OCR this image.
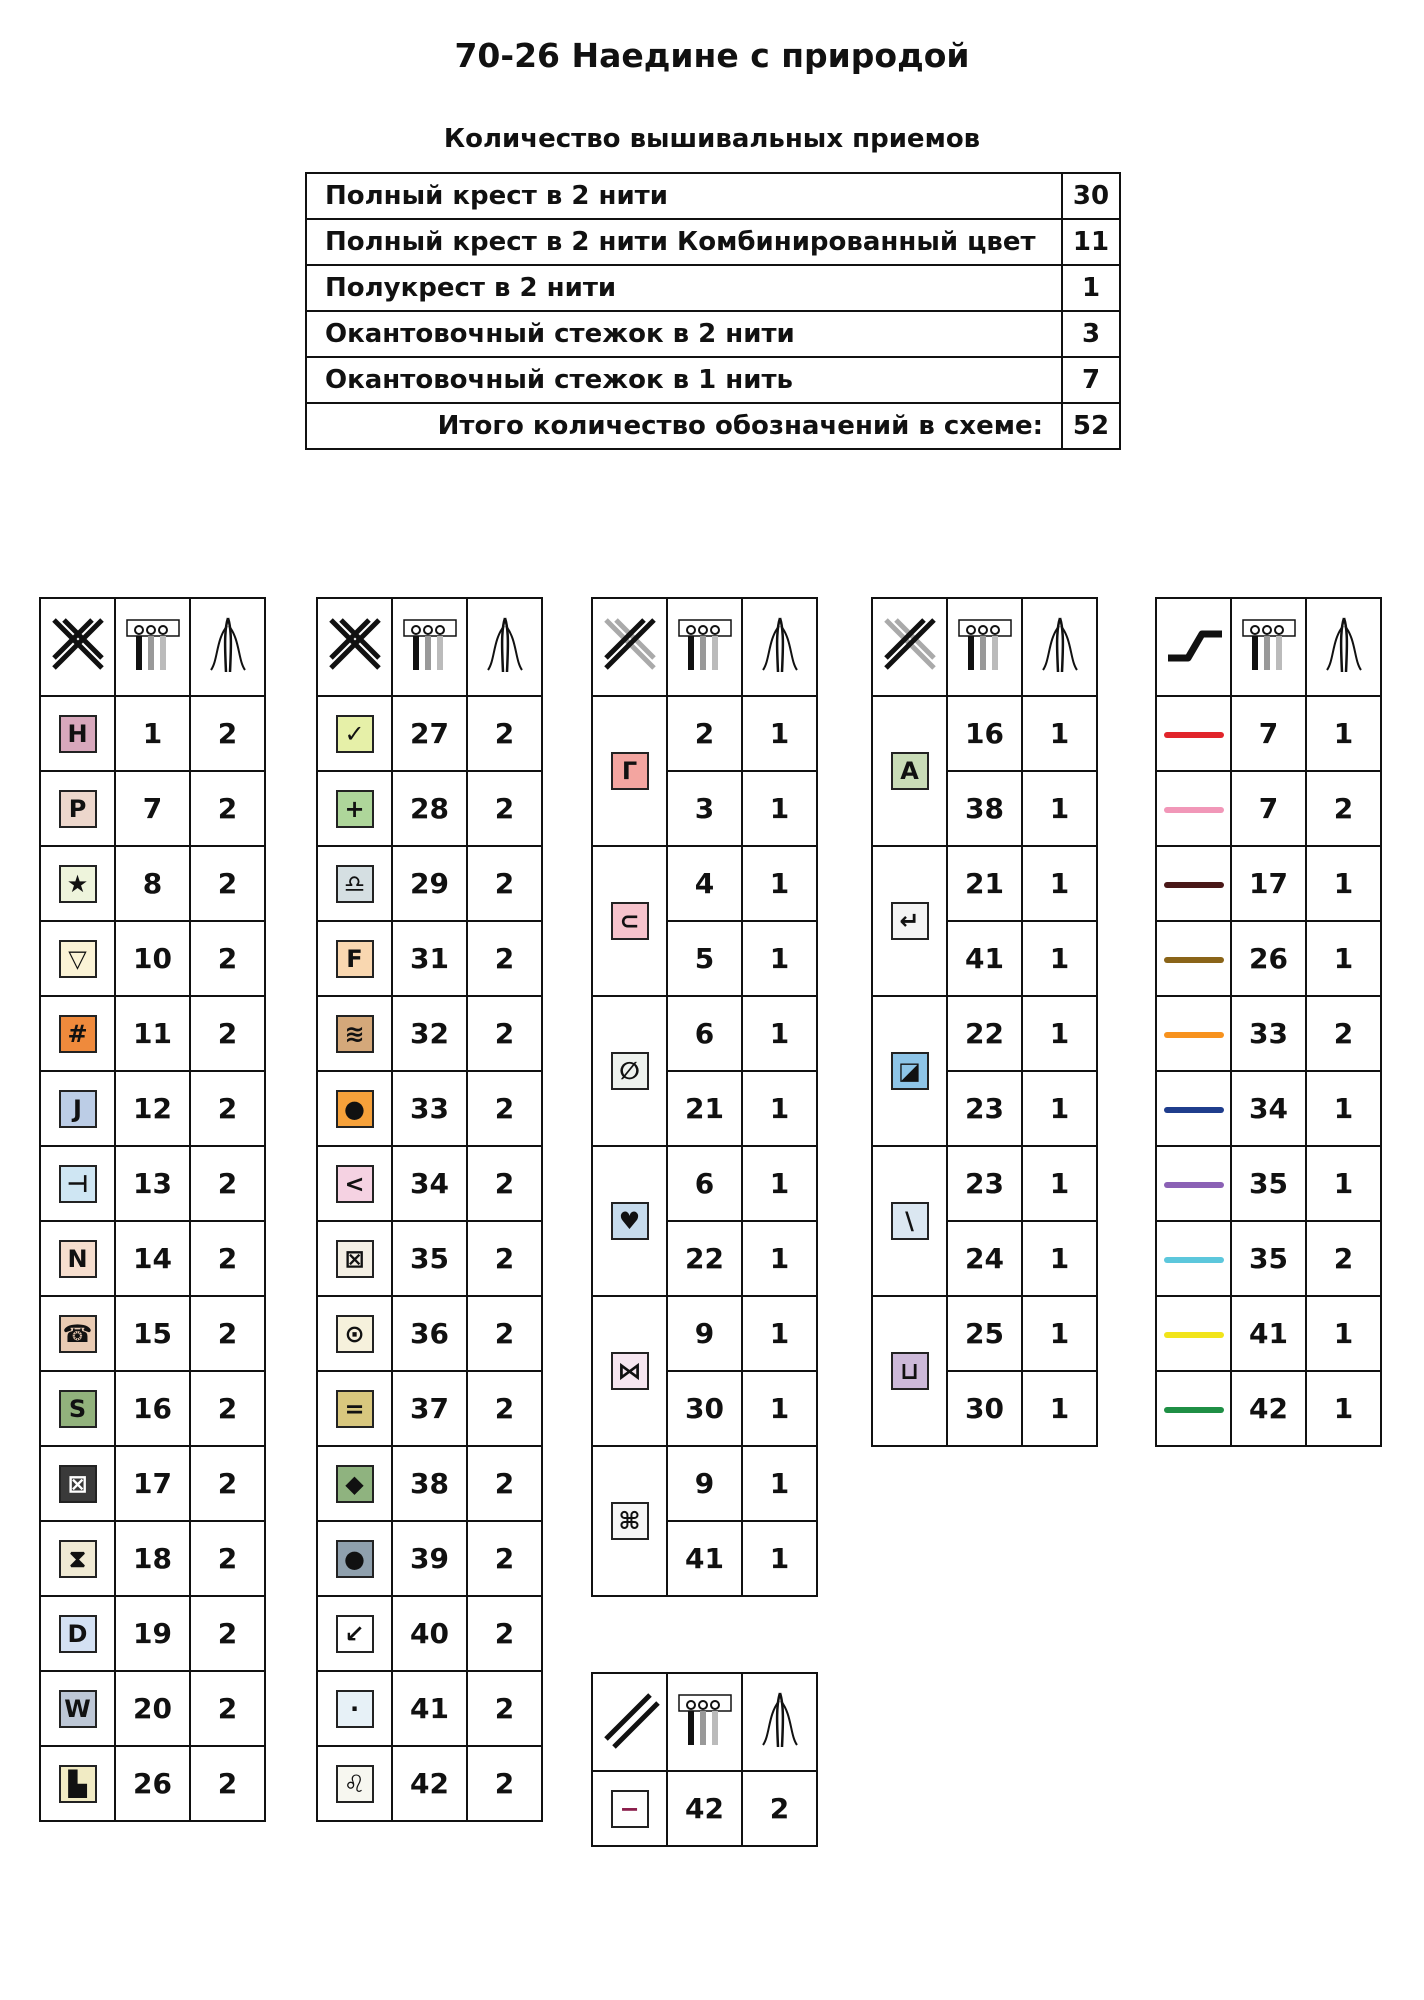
70-26 Наедине с природой
Количество вышивальных приемов
Полный крест в 2 нити	30
Полный крест в 2 нити Комбинированный цвет	11
Полукрест в 2 нити	1
Окантовочный стежок в 2 нити	3
Окантовочный стежок в 1 нить	7
Итого количество обозначений в схеме:	52

H	1	2
P	7	2
★	8	2
▽	10	2
#	11	2
J	12	2
⊣	13	2
N	14	2
☎	15	2
S	16	2
⊠	17	2
⧗	18	2
D	19	2
W	20	2
▙	26	2

✓	27	2
+	28	2
♎	29	2
F	31	2
≋	32	2
●	33	2
<	34	2
⊠	35	2
⊙	36	2
=	37	2
◆	38	2
●	39	2
↙	40	2
·	41	2
♌	42	2

Γ	2	1
	3	1
⊂	4	1
	5	1
∅	6	1
	21	1
♥	6	1
	22	1
⋈	9	1
	30	1
⌘	9	1
	41	1

A	16	1
	38	1
↵	21	1
	41	1
◪	22	1
	23	1
\	23	1
	24	1
⊔	25	1
	30	1

−	42	2

	7	1
	7	2
	17	1
	26	1
	33	2
	34	1
	35	1
	35	2
	41	1
	42	1
